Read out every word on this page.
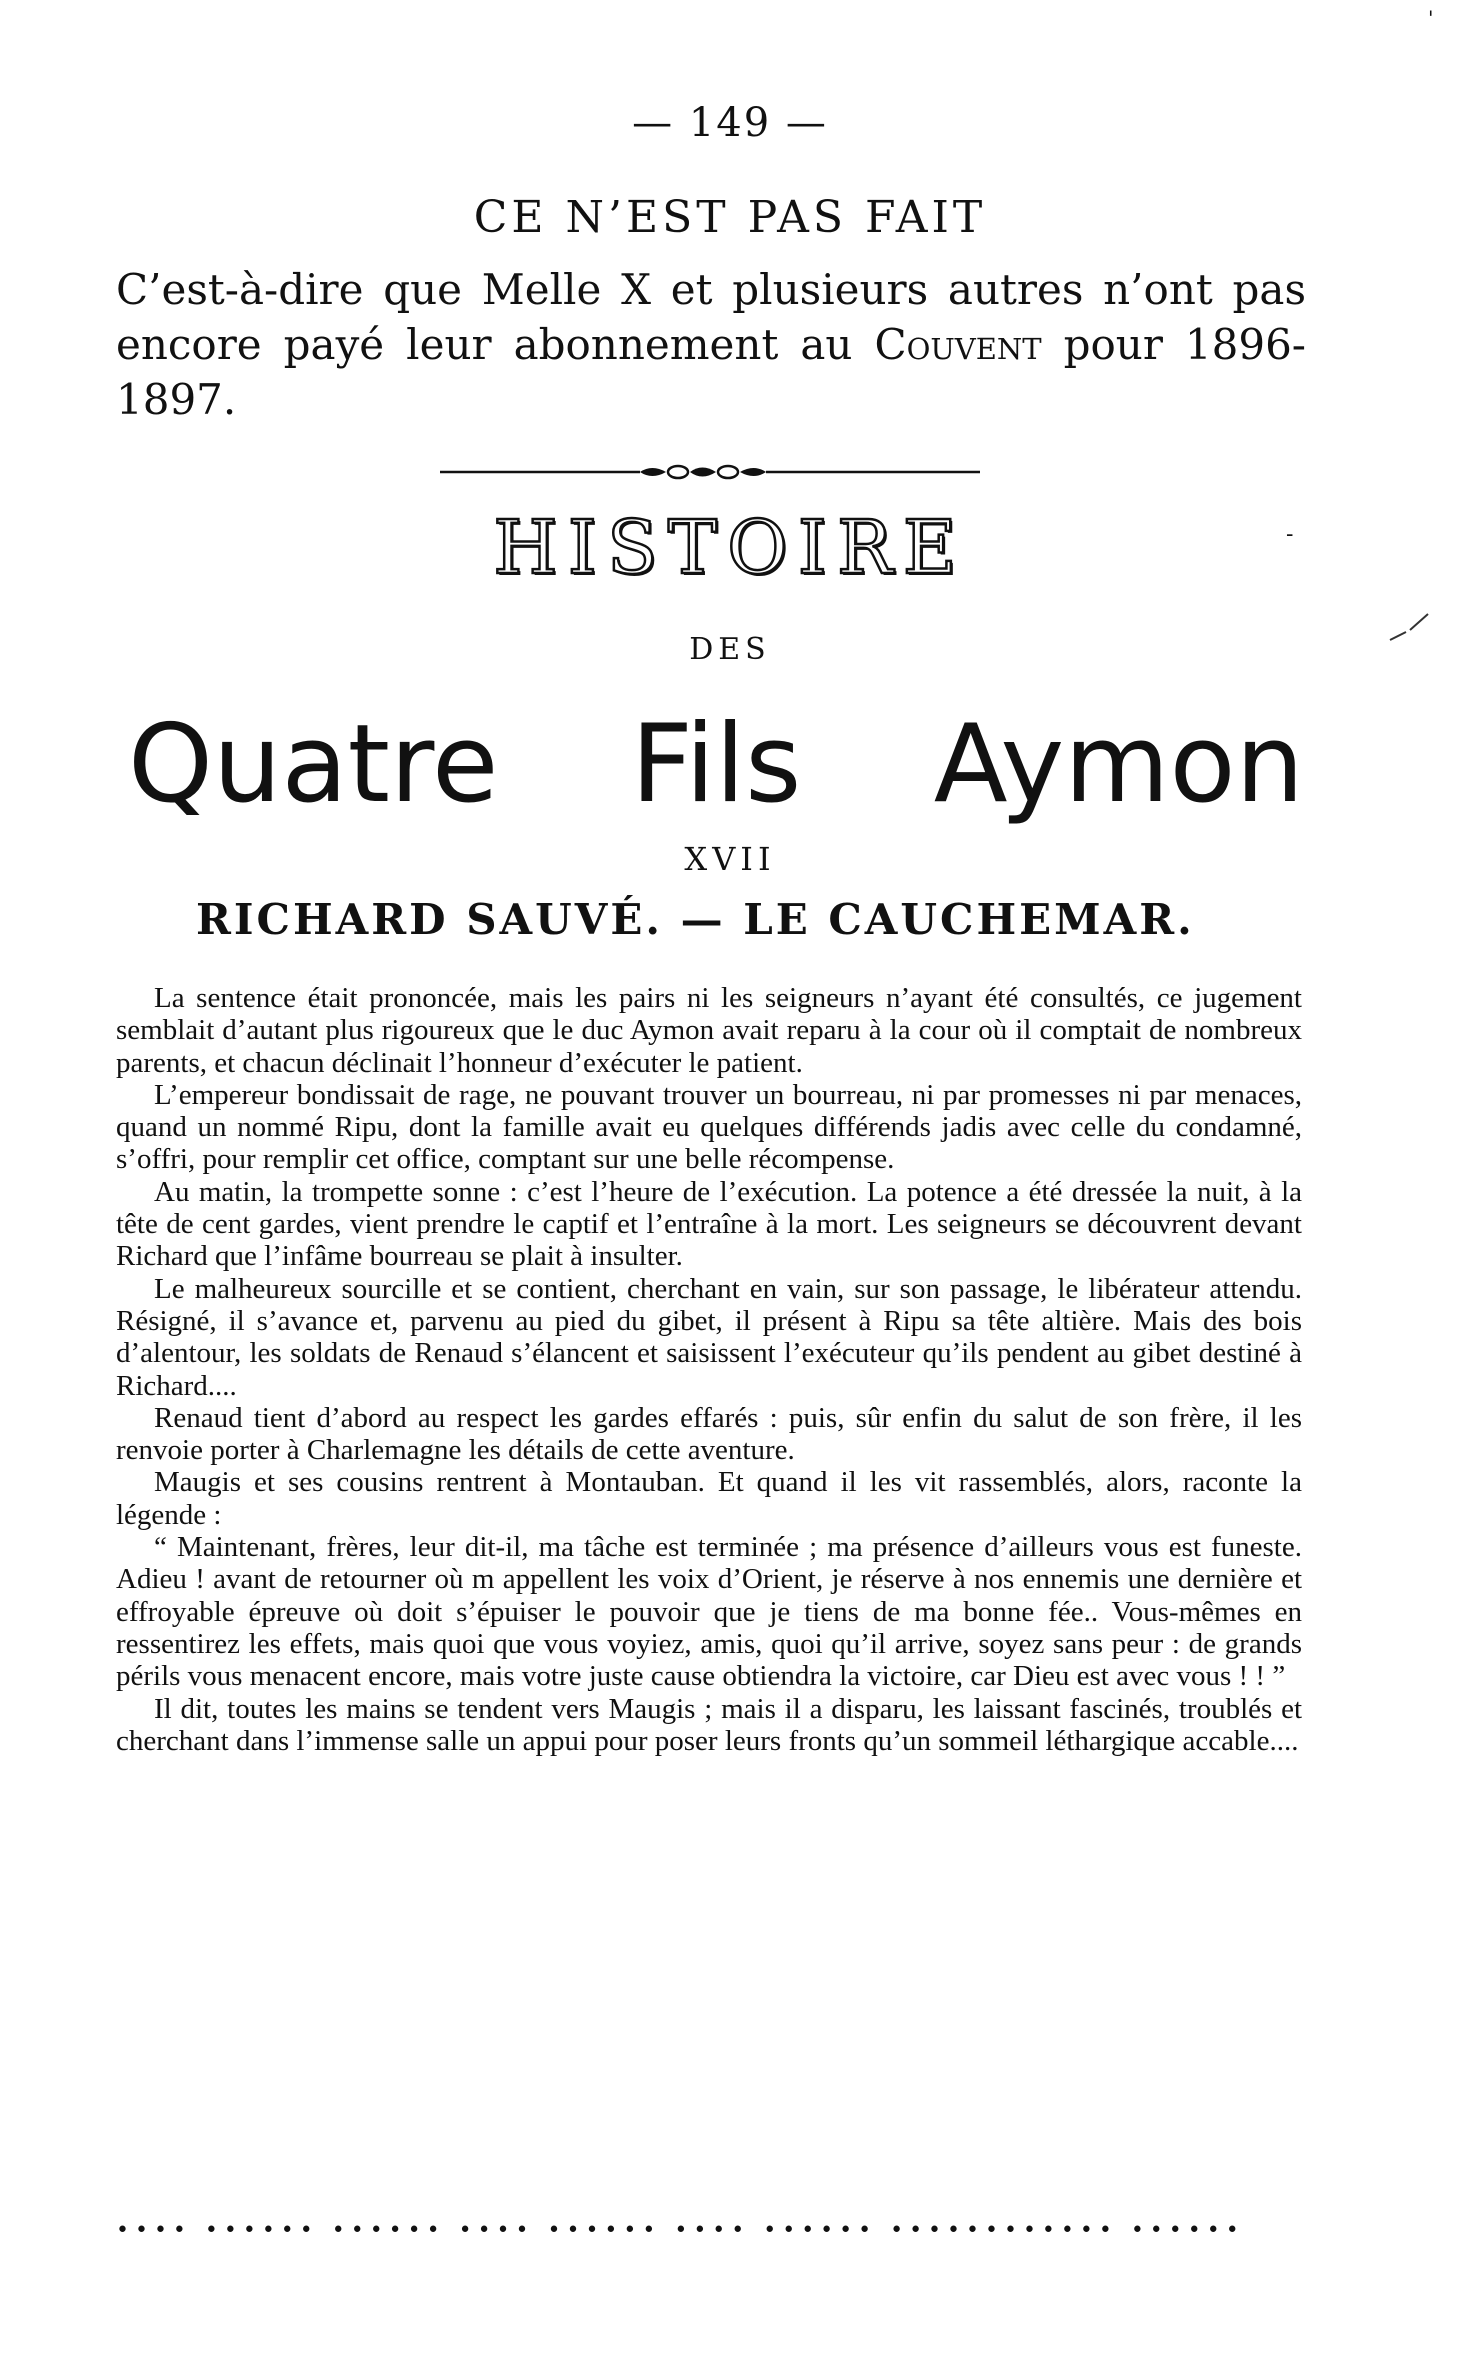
'
— 149 —
CE N’EST PAS FAIT
C’est-à-dire que Melle X et plusieurs autres n’ont pas encore payé leur abonnement au Couvent pour 1896-1897.
HISTOIRE	-
DES
Quatre Fils Aymon
XVII
RICHARD SAUVÉ. — LE CAUCHEMAR.

La sentence était prononcée, mais les pairs ni les seigneurs n’ayant été consultés, ce jugement semblait d’autant plus rigoureux que le duc Aymon avait reparu à la cour où il comptait de nombreux parents, et chacun déclinait l’honneur d’exécuter le patient.

L’empereur bondissait de rage, ne pouvant trouver un bourreau, ni par promesses ni par menaces, quand un nommé Ripu, dont la famille avait eu quelques différends jadis avec celle du condamné, s’offri, pour remplir cet office, comptant sur une belle récompense.

Au matin, la trompette sonne : c’est l’heure de l’exécution. La potence a été dressée la nuit, à la tête de cent gardes, vient prendre le captif et l’entraîne à la mort. Les seigneurs se découvrent devant Richard que l’infâme bourreau se plait à insulter.

Le malheureux sourcille et se contient, cherchant en vain, sur son passage, le libérateur attendu. Résigné, il s’avance et, parvenu au pied du gibet, il présent à Ripu sa tête altière. Mais des bois d’alentour, les soldats de Renaud s’élancent et saisissent l’exécuteur qu’ils pendent au gibet destiné à Richard....

Renaud tient d’abord au respect les gardes effarés : puis, sûr enfin du salut de son frère, il les renvoie porter à Charlemagne les détails de cette aventure.

Maugis et ses cousins rentrent à Montauban. Et quand il les vit rassemblés, alors, raconte la légende :

“ Maintenant, frères, leur dit-il, ma tâche est terminée ; ma présence d’ailleurs vous est funeste. Adieu ! avant de retourner où m appellent les voix d’Orient, je réserve à nos ennemis une dernière et effroyable épreuve où doit s’épuiser le pouvoir que je tiens de ma bonne fée.. Vous-mêmes en ressentirez les effets, mais quoi que vous voyiez, amis, quoi qu’il arrive, soyez sans peur : de grands périls vous menacent encore, mais votre juste cause obtiendra la victoire, car Dieu est avec vous ! ! ”

Il dit, toutes les mains se tendent vers Maugis ; mais il a disparu, les laissant fascinés, troublés et cherchant dans l’immense salle un appui pour poser leurs fronts qu’un sommeil léthargique accable....

•••• •••••• •••••• •••• •••••• •••• •••••• •••••••••••• ••••••
